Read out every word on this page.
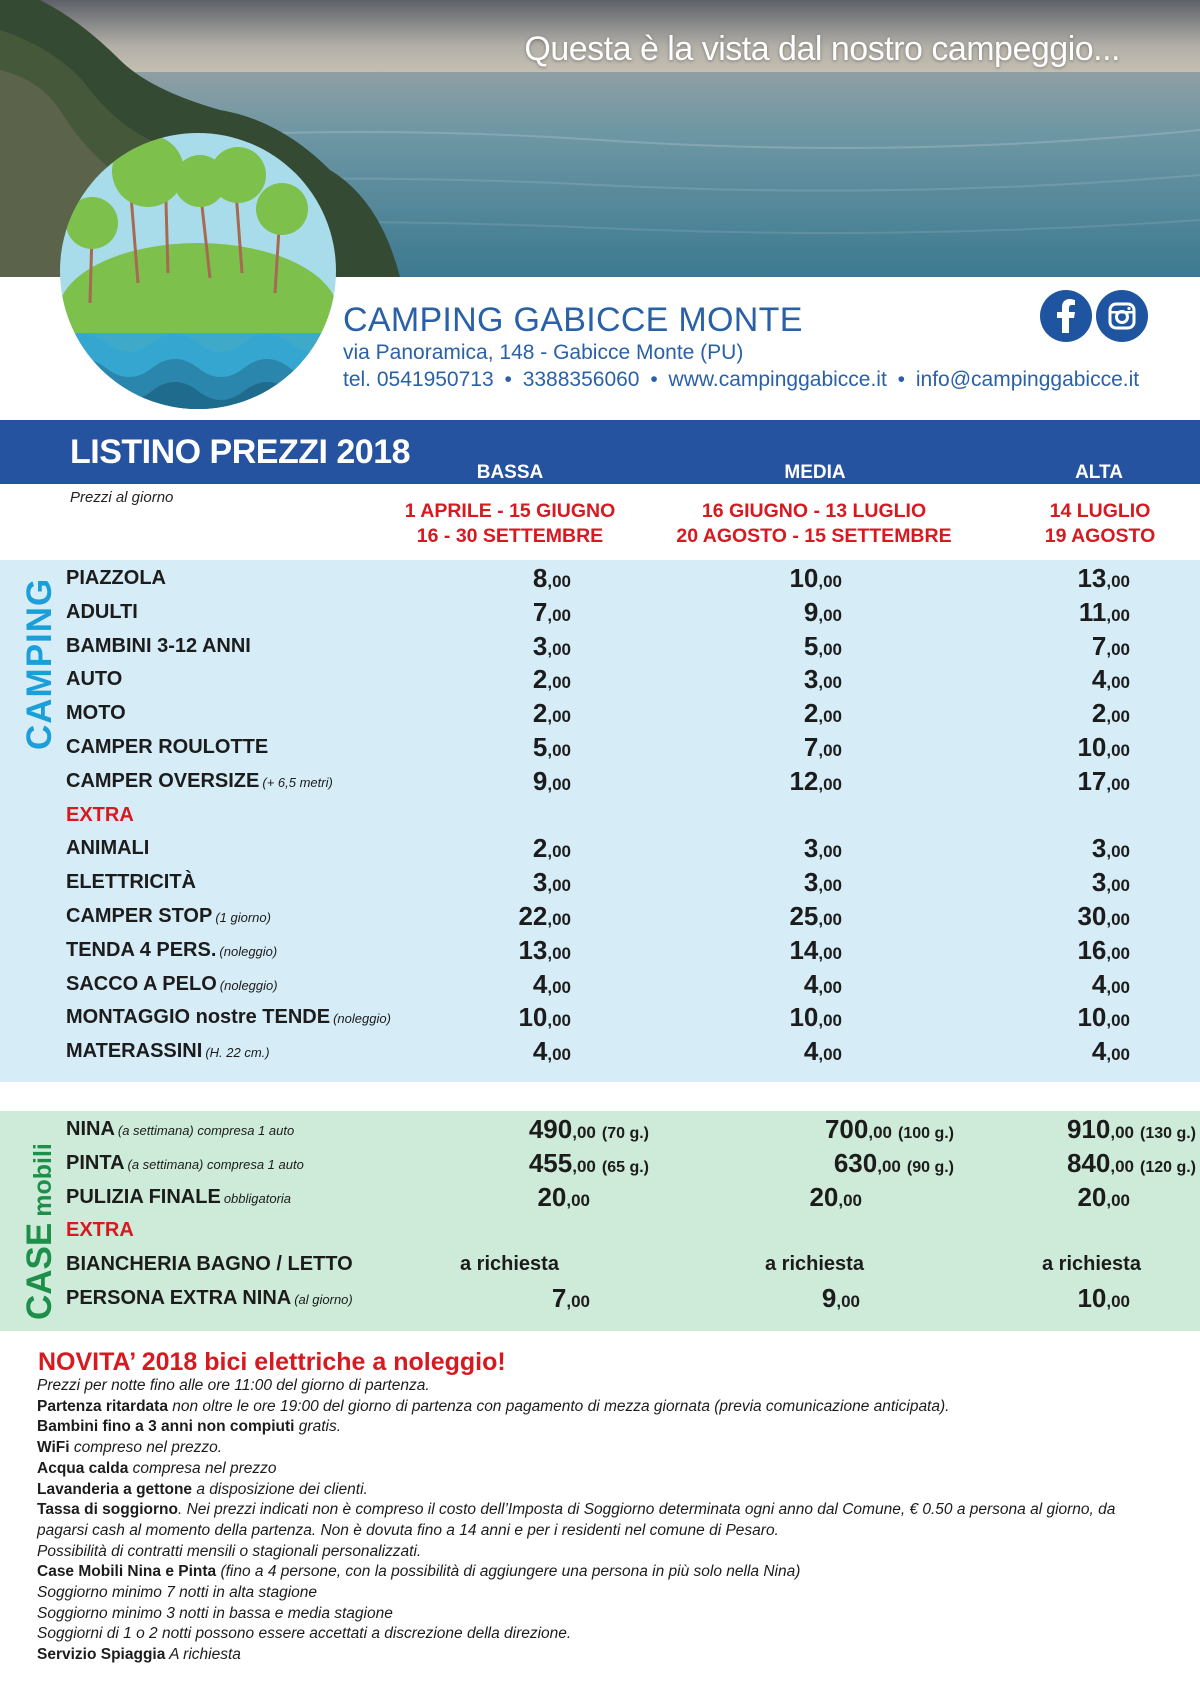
Questa è la vista dal nostro campeggio...
CAMPING GABICCE MONTE
via Panoramica, 148 - Gabicce Monte (PU)
tel. 0541950713 • 3388356060 • www.campinggabicce.it • info@campinggabicce.it
LISTINO PREZZI 2018
BASSA	MEDIA	ALTA
Prezzi al giorno
1 APRILE - 15 GIUGNO
16 - 30 SETTEMBRE
16 GIUGNO - 13 LUGLIO
20 AGOSTO - 15 SETTEMBRE
14 LUGLIO
19 AGOSTO
CAMPING PIAZZOLA	8,00	10,00	13,00
ADULTI	7,00	9,00	11,00
BAMBINI 3-12 ANNI	3,00	5,00	7,00
AUTO	2,00	3,00	4,00
MOTO	2,00	2,00	2,00
CAMPER ROULOTTE	5,00	7,00	10,00
CAMPER OVERSIZE (+ 6,5 metri)	9,00	12,00	17,00
EXTRA
ANIMALI	2,00	3,00	3,00
ELETTRICITÀ	3,00	3,00	3,00
CAMPER STOP (1 giorno)	22,00	25,00	30,00
TENDA 4 PERS. (noleggio)	13,00	14,00	16,00
SACCO A PELO (noleggio)	4,00	4,00	4,00
MONTAGGIO nostre TENDE (noleggio)	10,00	10,00	10,00
MATERASSINI (H. 22 cm.)	4,00	4,00	4,00
CASEmobili
NINA (a settimana) compresa 1 auto	490,00 (70 g.)	700,00 (100 g.)	910,00 (130 g.)
PINTA (a settimana) compresa 1 auto	455,00 (65 g.)	630,00 (90 g.)	840,00 (120 g.)
PULIZIA FINALE obbligatoria	20,00	20,00	20,00
EXTRA
BIANCHERIA BAGNO / LETTO	a richiesta	a richiesta	a richiesta
PERSONA EXTRA NINA (al giorno)	7,00	9,00	10,00
NOVITA’ 2018 bici elettriche a noleggio!

Prezzi per notte fino alle ore 11:00 del giorno di partenza.

Partenza ritardata non oltre le ore 19:00 del giorno di partenza con pagamento di mezza giornata (previa comunicazione anticipata).

Bambini fino a 3 anni non compiuti gratis.

WiFi compreso nel prezzo.

Acqua calda compresa nel prezzo

Lavanderia a gettone a disposizione dei clienti.

Tassa di soggiorno. Nei prezzi indicati non è compreso il costo dell’Imposta di Soggiorno determinata ogni anno dal Comune, € 0.50 a persona al giorno, da pagarsi cash al momento della partenza. Non è dovuta fino a 14 anni e per i residenti nel comune di Pesaro.

Possibilità di contratti mensili o stagionali personalizzati.

Case Mobili Nina e Pinta (fino a 4 persone, con la possibilità di aggiungere una persona in più solo nella Nina)

Soggiorno minimo 7 notti in alta stagione

Soggiorno minimo 3 notti in bassa e media stagione

Soggiorni di 1 o 2 notti possono essere accettati a discrezione della direzione.

Servizio Spiaggia A richiesta
